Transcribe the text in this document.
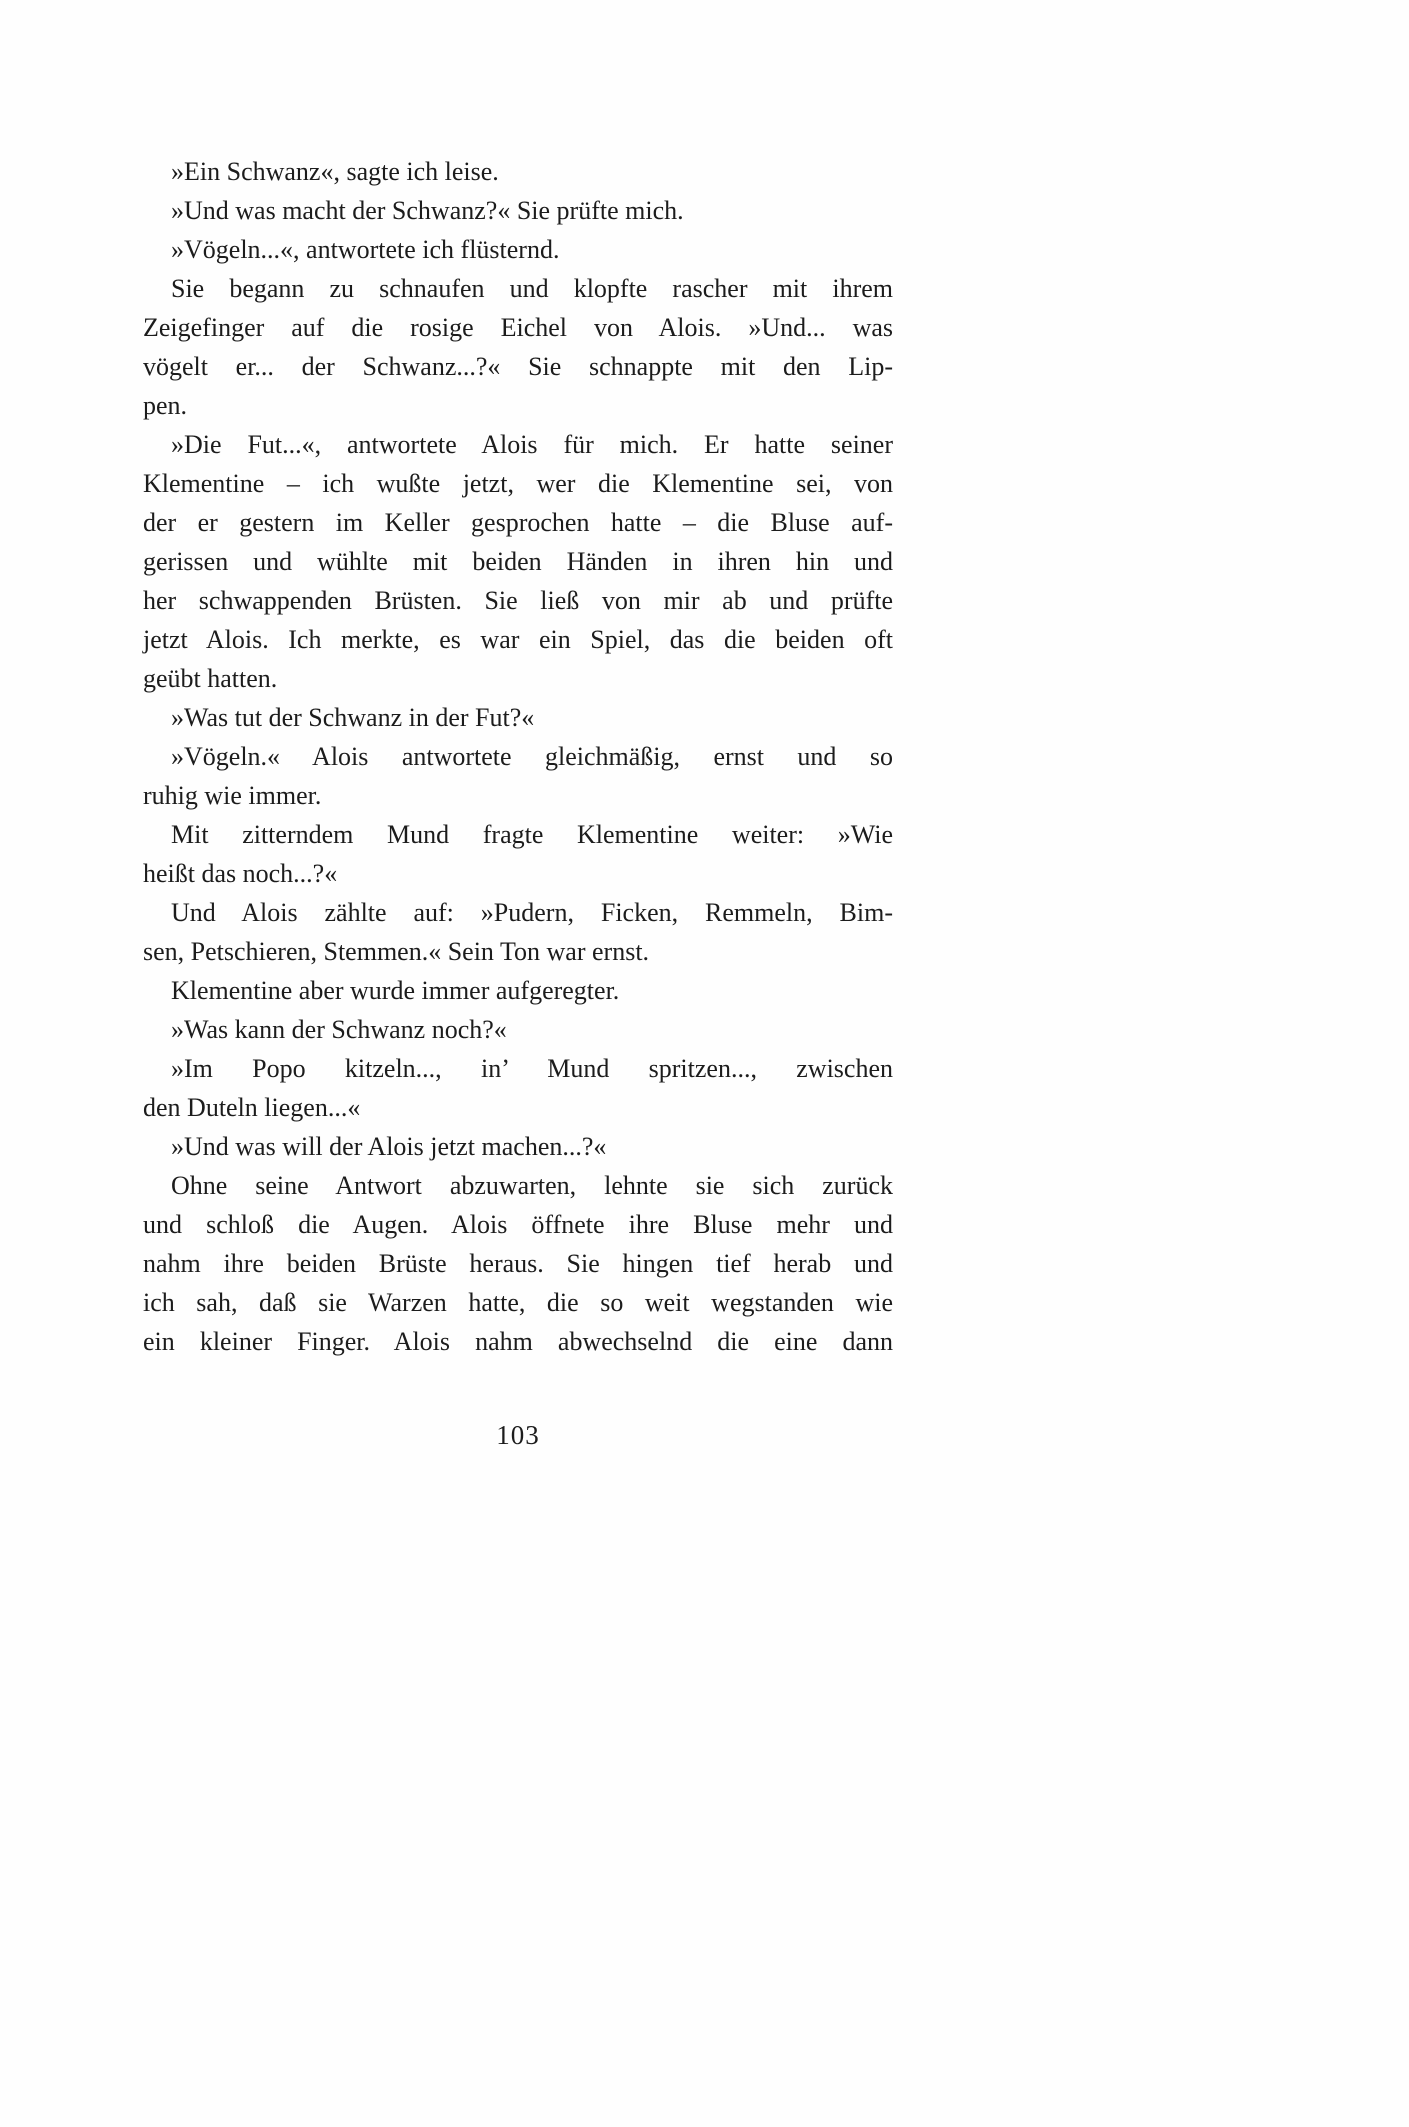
»Ein Schwanz«, sagte ich leise.
»Und was macht der Schwanz?« Sie prüfte mich.
»Vögeln...«, antwortete ich flüsternd.
Sie begann zu schnaufen und klopfte rascher mit ihrem
Zeigefinger auf die rosige Eichel von Alois. »Und... was
vögelt er... der Schwanz...?« Sie schnappte mit den Lip-
pen.
»Die Fut...«, antwortete Alois für mich. Er hatte seiner
Klementine – ich wußte jetzt, wer die Klementine sei, von
der er gestern im Keller gesprochen hatte – die Bluse auf-
gerissen und wühlte mit beiden Händen in ihren hin und
her schwappenden Brüsten. Sie ließ von mir ab und prüfte
jetzt Alois. Ich merkte, es war ein Spiel, das die beiden oft
geübt hatten.
»Was tut der Schwanz in der Fut?«
»Vögeln.« Alois antwortete gleichmäßig, ernst und so
ruhig wie immer.
Mit zitterndem Mund fragte Klementine weiter: »Wie
heißt das noch...?«
Und Alois zählte auf: »Pudern, Ficken, Remmeln, Bim-
sen, Petschieren, Stemmen.« Sein Ton war ernst.
Klementine aber wurde immer aufgeregter.
»Was kann der Schwanz noch?«
»Im Popo kitzeln..., in’ Mund spritzen..., zwischen
den Duteln liegen...«
»Und was will der Alois jetzt machen...?«
Ohne seine Antwort abzuwarten, lehnte sie sich zurück
und schloß die Augen. Alois öffnete ihre Bluse mehr und
nahm ihre beiden Brüste heraus. Sie hingen tief herab und
ich sah, daß sie Warzen hatte, die so weit wegstanden wie
ein kleiner Finger. Alois nahm abwechselnd die eine dann
103
